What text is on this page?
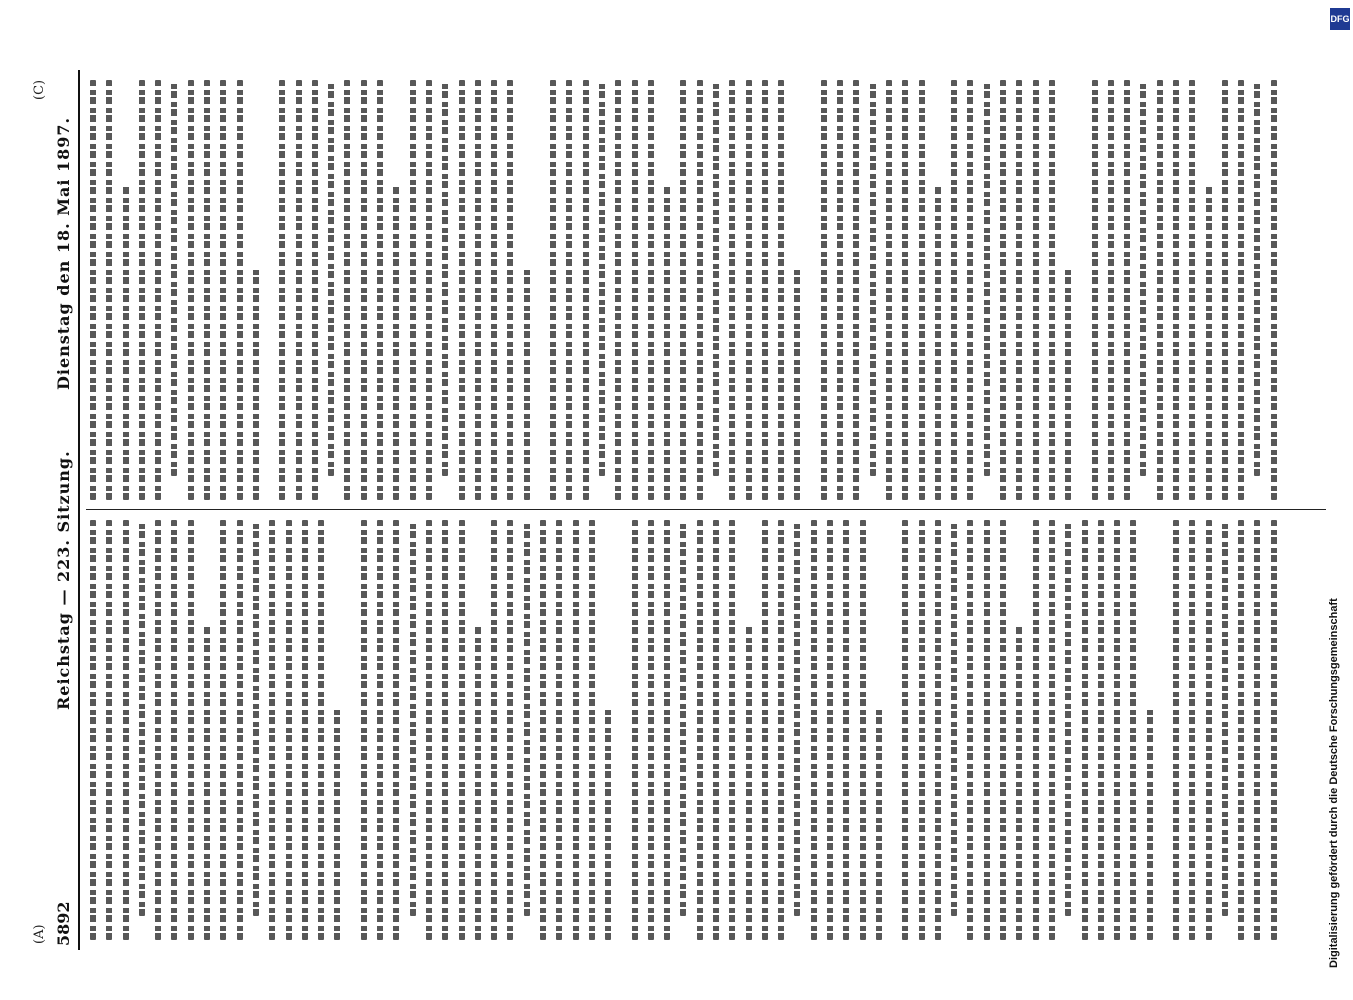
5892
Reichstag — 223. Sitzung.
Dienstag den 18. Mai 1897.
(A)
(C)
Digitalisierung gefördert durch die Deutsche Forschungsgemeinschaft
DFG
